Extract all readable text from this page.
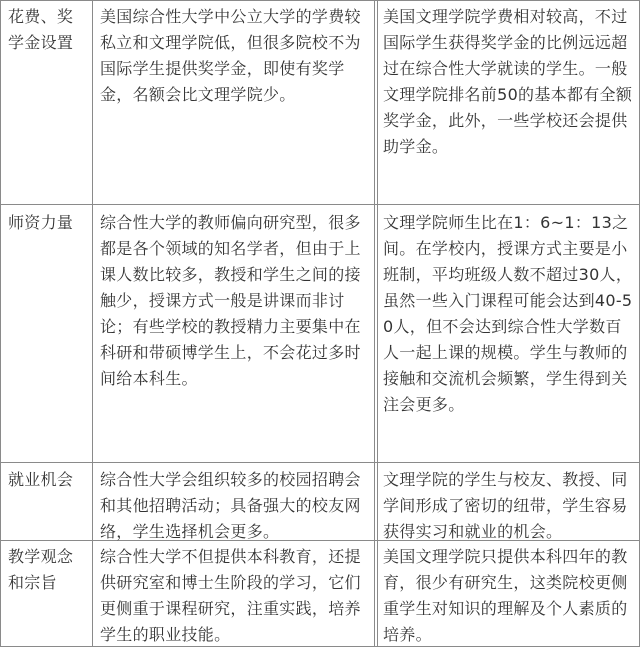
花费、奖学金设置
美国综合性大学中公立大学的学费较私立和文理学院低，但很多院校不为国际学生提供奖学金，即使有奖学金，名额会比文理学院少。
美国文理学院学费相对较高，不过国际学生获得奖学金的比例远远超过在综合性大学就读的学生。一般文理学院排名前50的基本都有全额奖学金，此外，一些学校还会提供助学金。
师资力量	综合性大学的教师偏向研究型，很多都是各个领域的知名学者，但由于上课人数比较多，教授和学生之间的接触少，授课方式一般是讲课而非讨论；有些学校的教授精力主要集中在科研和带硕博学生上，不会花过多时间给本科生。
文理学院师生比在1：6~1：13之间。在学校内，授课方式主要是小班制，平均班级人数不超过30人，虽然一些入门课程可能会达到40-50人，但不会达到综合性大学数百人一起上课的规模。学生与教师的接触和交流机会频繁，学生得到关注会更多。
就业机会	综合性大学会组织较多的校园招聘会和其他招聘活动；具备强大的校友网络，学生选择机会更多。
文理学院的学生与校友、教授、同学间形成了密切的纽带，学生容易获得实习和就业的机会。
教学观念和宗旨
综合性大学不但提供本科教育，还提供研究室和博士生阶段的学习，它们更侧重于课程研究，注重实践，培养学生的职业技能。
美国文理学院只提供本科四年的教育，很少有研究生，这类院校更侧重学生对知识的理解及个人素质的培养。
